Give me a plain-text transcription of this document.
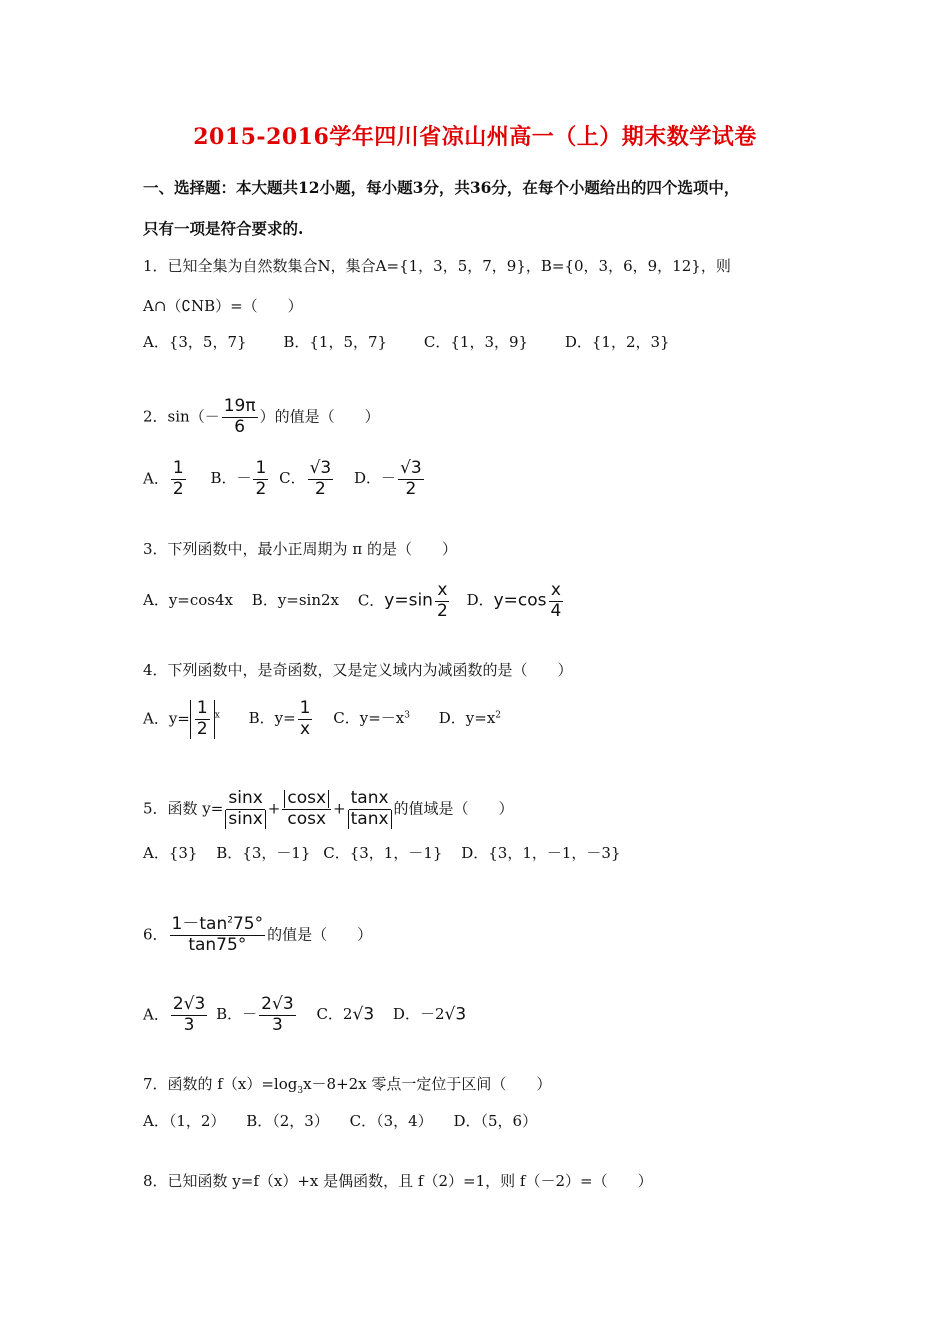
2015-2016学年四川省凉山州高一（上）期末数学试卷
一、选择题：本大题共12小题，每小题3分，共36分，在每个小题给出的四个选项中，
只有一项是符合要求的.
1．已知全集为自然数集合N，集合A={1，3，5，7，9}，B={0，3，6，9，12}，则
A∩（∁NB）=（　　）
A．{3，5，7} B．{1，5，7} C．{1，3，9} D．{1，2，3}
2．$\sin(- \frac{19\pi}{6}$ ）的值是（　　）
A． $\frac{1}{2}$ B．－ $\frac{1}{2}$ C． $\frac{√3}{2}$ D．－ $\frac{√3}{2}$
3．下列函数中，最小正周期为 π 的是（　　）
A．y=cos4x B．y=sin2x C．$y=\sin \frac{x}{2}$ D．$y=\cos \frac{x}{4}$
4．下列函数中，是奇函数，又是定义域内为减函数的是（　　）
A．$y= \frac{1}{2} ^x$ B．$y= \frac{1}{x}$ C．$y=-x^3$ D．$y=x^2$
5．函数 $y= \frac{\sin x}{\sin x} + \frac{\cos x}{\cos x} + \frac{\tan x}{\tan x}$ 的值域是（　　）
A．{3} B．{3，－1} C．{3，1，－1} D．{3，1，－1，－3}
6． $\frac{1-\tan^275^\circ}{\tan 75^\circ}$ 的值是（　　）
A． $\frac{2√3}{3}$ B．－ $\frac{2√3}{3}$ C．2√3 D．－2√3
7．函数的 $f(x)=\log_3x-8+2x$ 零点一定位于区间（　　）
A．（1，2） B．（2，3） C．（3，4） D．（5，6）
8．已知函数 y=f（x）+x 是偶函数，且 f（2）=1，则 f（－2）=（　　）
